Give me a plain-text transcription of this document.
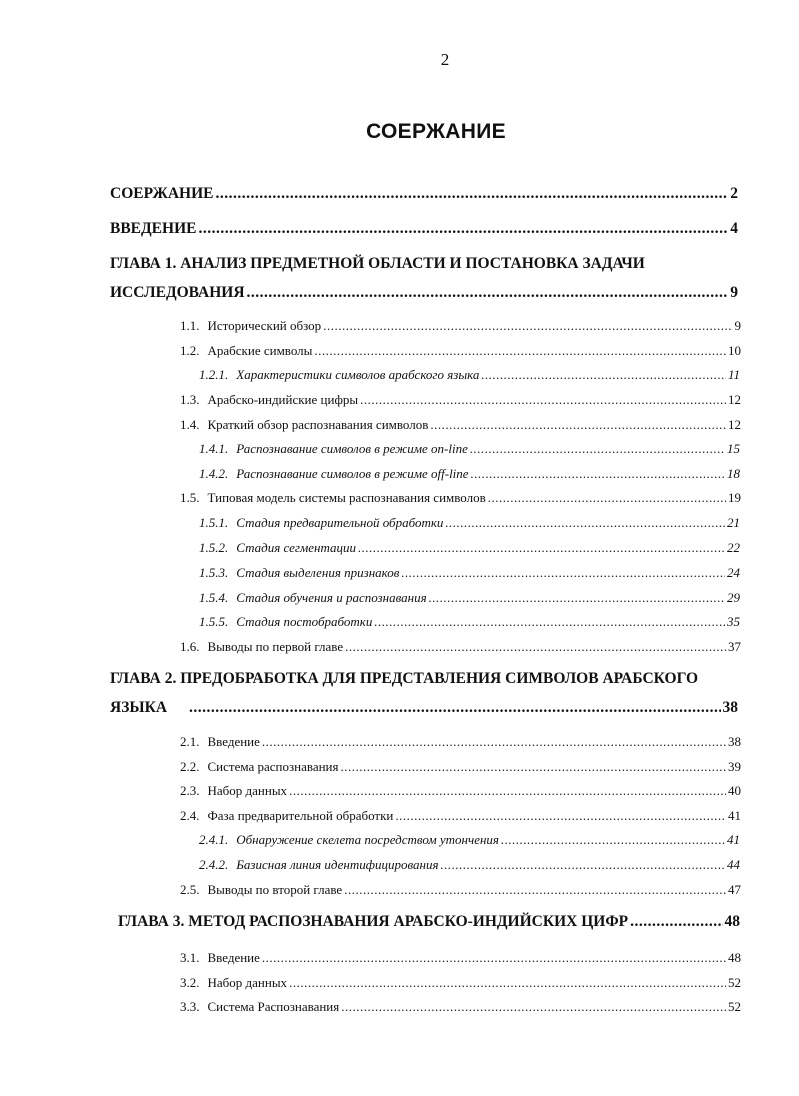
2
СОЕРЖАНИЕ
СОЕРЖАНИЕ .....	2
ВВЕДЕНИЕ .....	4
ГЛАВА 1. АНАЛИЗ ПРЕДМЕТНОЙ ОБЛАСТИ И ПОСТАНОВКА ЗАДАЧИ
ИССЛЕДОВАНИЯ .....	9
1.1. Исторический обзор .....	9
1.2. Арабские символы .....	10
1.2.1. Характеристики символов арабского языка .....	11
1.3. Арабско-индийские цифры .....	12
1.4. Краткий обзор распознавания символов .....	12
1.4.1. Распознавание символов в режиме on-line .....	15
1.4.2. Распознавание символов в режиме off-line .....	18
1.5. Типовая модель системы распознавания символов .....	19
1.5.1. Стадия предварительной обработки .....	21
1.5.2. Стадия сегментации .....	22
1.5.3. Стадия выделения признаков .....	24
1.5.4. Стадия обучения и распознавания .....	29
1.5.5. Стадия постобработки .....	35
1.6. Выводы по первой главе .....	37
ГЛАВА 2. ПРЕДОБРАБОТКА ДЛЯ ПРЕДСТАВЛЕНИЯ СИМВОЛОВ АРАБСКОГО
ЯЗЫКА .....	38
2.1. Введение .....	38
2.2. Система распознавания .....	39
2.3. Набор данных .....	40
2.4. Фаза предварительной обработки .....	41
2.4.1. Обнаружение скелета посредством утончения .....	41
2.4.2. Базисная линия идентифицирования .....	44
2.5. Выводы по второй главе .....	47
ГЛАВА 3. МЕТОД РАСПОЗНАВАНИЯ АРАБСКО-ИНДИЙСКИХ ЦИФР .....	48
3.1. Введение .....	48
3.2. Набор данных .....	52
3.3. Система Распознавания .....	52
